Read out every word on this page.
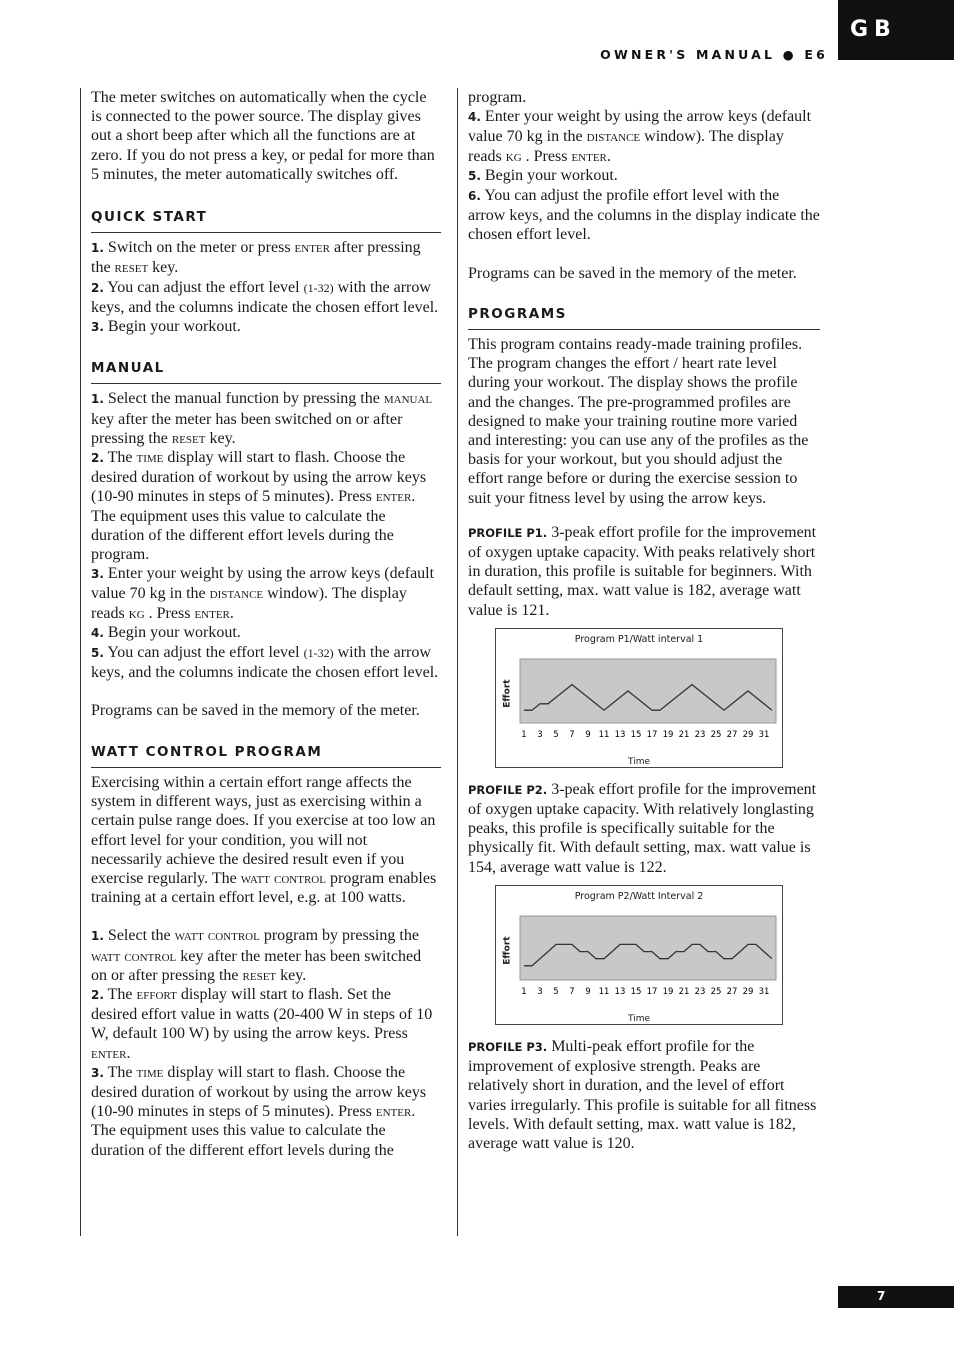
GB
OWNER'S MANUAL ● E6
7

The meter switches on automatically when the cycle is connected to the power source. The display gives out a short beep after which all the functions are at zero. If you do not press a key, or pedal for more than 5 minutes, the meter automatically switches off.

QUICK START

1. Switch on the meter or press enter after pressing the reset key.

2. You can adjust the effort level (1-32) with the arrow keys, and the columns indicate the chosen effort level.

3. Begin your workout.

MANUAL

1. Select the manual function by pressing the manual key after the meter has been switched on or after pressing the reset key.

2. The time display will start to flash. Choose the desired duration of workout by using the arrow keys (10-90 minutes in steps of 5 minutes). Press enter. The equipment uses this value to calculate the duration of the different effort levels during the program.

3. Enter your weight by using the arrow keys (default value 70 kg in the distance window). The display reads kg . Press enter.

4. Begin your workout.

5. You can adjust the effort level (1-32) with the arrow keys, and the columns indicate the chosen effort level.

Programs can be saved in the memory of the meter.

WATT CONTROL PROGRAM

Exercising within a certain effort range affects the system in different ways, just as exercising within a certain pulse range does. If you exercise at too low an effort level for your condition, you will not necessarily achieve the desired result even if you exercise regularly. The watt control program enables training at a certain effort level, e.g. at 100 watts.

1. Select the watt control program by pressing the watt control key after the meter has been switched on or after pressing the reset key.

2. The effort display will start to flash. Set the desired effort value in watts (20-400 W in steps of 10 W, default 100 W) by using the arrow keys. Press enter.

3. The time display will start to flash. Choose the desired duration of workout by using the arrow keys (10-90 minutes in steps of 5 minutes). Press enter. The equipment uses this value to calculate the duration of the different effort levels during the

program.

4. Enter your weight by using the arrow keys (default value 70 kg in the distance window). The display reads kg . Press enter.

5. Begin your workout.

6. You can adjust the profile effort level with the arrow keys, and the columns in the display indicate the chosen effort level.

Programs can be saved in the memory of the meter.

PROGRAMS

This program contains ready-made training profiles. The program changes the effort / heart rate level during your workout. The display shows the profile and the changes. The pre-programmed profiles are designed to make your training routine more varied and interesting: you can use any of the profiles as the basis for your workout, but you should adjust the effort range before or during the exercise session to suit your fitness level by using the arrow keys.

PROFILE P1. 3-peak effort profile for the improvement of oxygen uptake capacity. With peaks relatively short in duration, this profile is suitable for beginners. With default setting, max. watt value is 182, average watt value is 121.

Program P1/Watt interval 1
Effort
Time
1 3 5 7 9 11 13 15 17 19 21 23 25 27 29 31

PROFILE P2. 3-peak effort profile for the improvement of oxygen uptake capacity. With relatively longlasting peaks, this profile is specifically suitable for the physically fit. With default setting, max. watt value is 154, average watt value is 122.

Program P2/Watt Interval 2
Effort
Time
1 3 5 7 9 11 13 15 17 19 21 23 25 27 29 31

PROFILE P3. Multi-peak effort profile for the improvement of explosive strength. Peaks are relatively short in duration, and the level of effort varies irregularly. This profile is suitable for all fitness levels. With default setting, max. watt value is 182, average watt value is 120.
